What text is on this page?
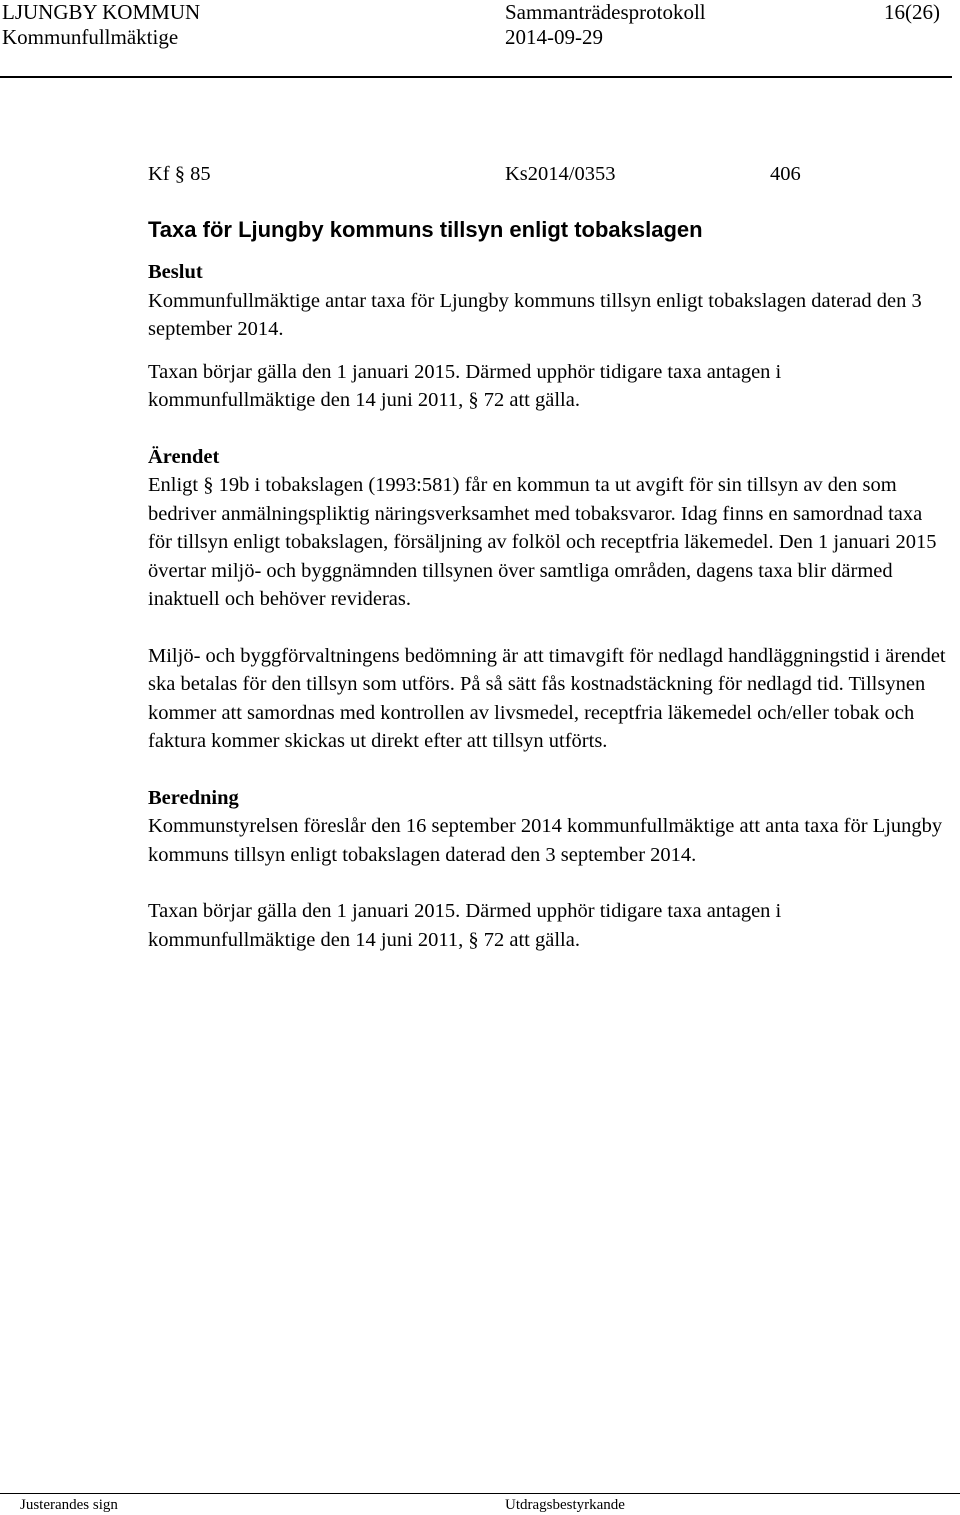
LJUNGBY KOMMUN
Kommunfullmäktige
Sammanträdesprotokoll
2014-09-29
16(26)
Kf § 85	Ks2014/0353	406
Taxa för Ljungby kommuns tillsyn enligt tobakslagen

Beslut

Kommunfullmäktige antar taxa för Ljungby kommuns tillsyn enligt tobakslagen daterad den 3 september 2014.

Taxan börjar gälla den 1 januari 2015. Därmed upphör tidigare taxa antagen i kommunfullmäktige den 14 juni 2011, § 72 att gälla.

Ärendet

Enligt § 19b i tobakslagen (1993:581) får en kommun ta ut avgift för sin tillsyn av den som bedriver anmälningspliktig näringsverksamhet med tobaksvaror. Idag finns en samordnad taxa för tillsyn enligt tobakslagen, försäljning av folköl och receptfria läkemedel. Den 1 januari 2015 övertar miljö- och byggnämnden tillsynen över samtliga områden, dagens taxa blir därmed inaktuell och behöver revideras.

Miljö- och byggförvaltningens bedömning är att timavgift för nedlagd handläggningstid i ärendet ska betalas för den tillsyn som utförs. På så sätt fås kostnadstäckning för nedlagd tid. Tillsynen kommer att samordnas med kontrollen av livsmedel, receptfria läkemedel och/eller tobak och faktura kommer skickas ut direkt efter att tillsyn utförts.

Beredning

Kommunstyrelsen föreslår den 16 september 2014 kommunfullmäktige att anta taxa för Ljungby kommuns tillsyn enligt tobakslagen daterad den 3 september 2014.

Taxan börjar gälla den 1 januari 2015. Därmed upphör tidigare taxa antagen i kommunfullmäktige den 14 juni 2011, § 72 att gälla.

Justerandes sign	Utdragsbestyrkande
